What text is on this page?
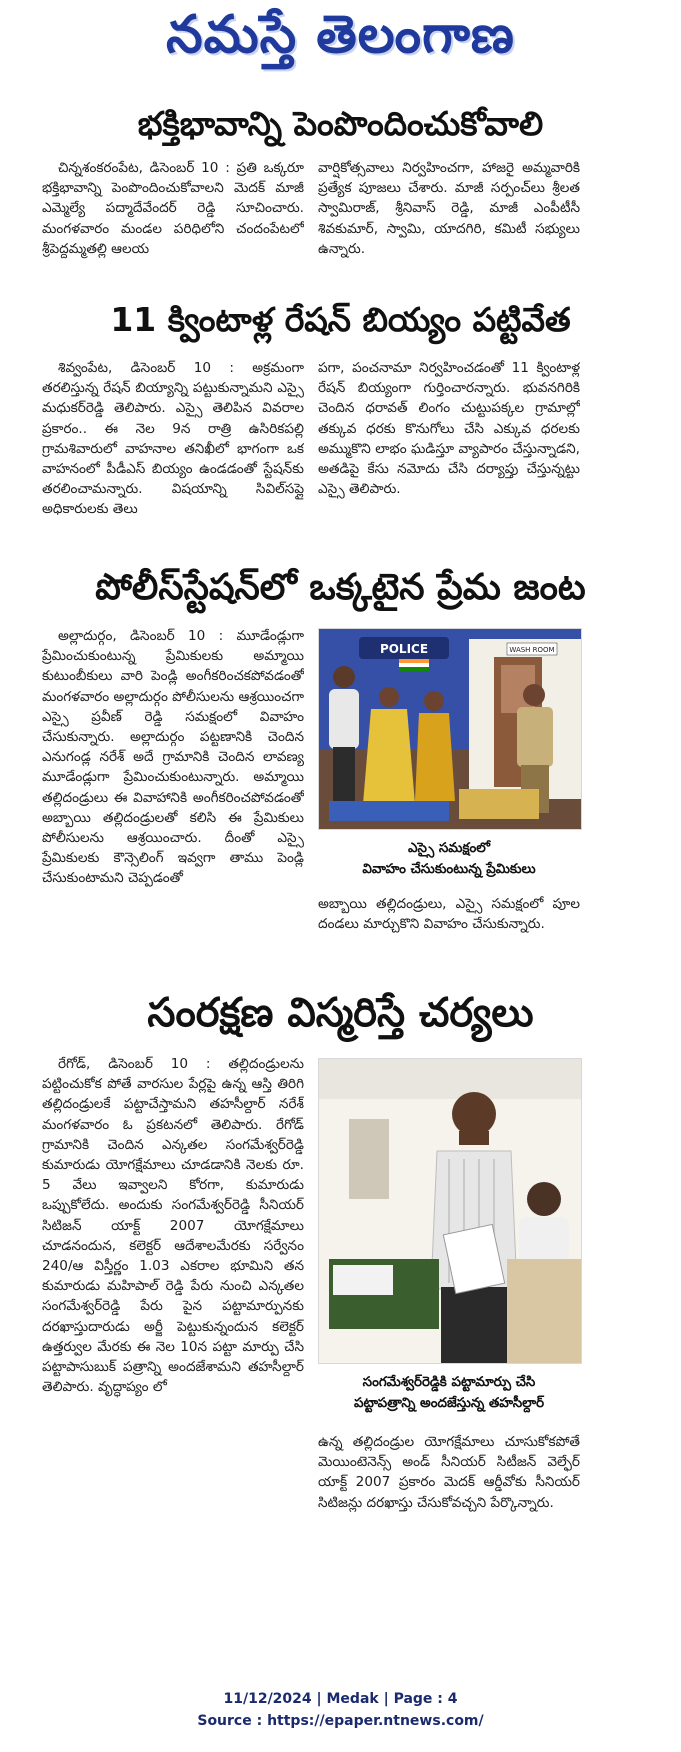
నమస్తే తెలంగాణ
భక్తిభావాన్ని పెంపొందించుకోవాలి

చిన్నశంకరంపేట, డిసెంబర్ 10 : ప్రతి ఒక్కరూ భక్తిభావాన్ని పెంపొందించుకోవాలని మెదక్ మాజీ ఎమ్మెల్యే పద్మాదేవేందర్ రెడ్డి సూచించారు. మంగళవారం మండల పరిధిలోని చందంపేటలో శ్రీపెద్దమ్మతల్లి ఆలయ

వార్షికోత్సవాలు నిర్వహించగా, హాజరై అమ్మవారికి ప్రత్యేక పూజలు చేశారు. మాజీ సర్పంచ్‌లు శ్రీలత స్వామిరాజ్, శ్రీనివాస్ రెడ్డి, మాజీ ఎంపీటీసీ శివకుమార్, స్వామి, యాదగిరి, కమిటీ సభ్యులు ఉన్నారు.

11 క్వింటాళ్ల రేషన్ బియ్యం పట్టివేత

శివ్వంపేట, డిసెంబర్ 10 : అక్రమంగా తరలిస్తున్న రేషన్ బియ్యాన్ని పట్టుకున్నామని ఎస్సై మధుకర్‌రెడ్డి తెలిపారు. ఎస్సై తెలిపిన వివరాల ప్రకారం.. ఈ నెల 9న రాత్రి ఉసిరికపల్లి గ్రామశివారులో వాహనాల తనిఖీలో భాగంగా ఒక వాహనంలో పీడీఎస్ బియ్యం ఉండడంతో స్టేషన్‌కు తరలించామన్నారు. విషయాన్ని సివిల్‌సప్లై అధికారులకు తెలు

పగా, పంచనామా నిర్వహించడంతో 11 క్వింటాళ్ల రేషన్ బియ్యంగా గుర్తించారన్నారు. భువనగిరికి చెందిన ధరావత్ లింగం చుట్టుపక్కల గ్రామాల్లో తక్కువ ధరకు కొనుగోలు చేసి ఎక్కువ ధరలకు అమ్ముకొని లాభం ఘడిస్తూ వ్యాపారం చేస్తున్నాడని, అతడిపై కేసు నమోదు చేసి దర్యాప్తు చేస్తున్నట్టు ఎస్సై తెలిపారు.

పోలీస్‌స్టేషన్‌లో ఒక్కటైన ప్రేమ జంట

అల్లాదుర్గం, డిసెంబర్ 10 : మూడేండ్లుగా ప్రేమించుకుంటున్న ప్రేమికులకు అమ్మాయి కుటుంబీకులు వారి పెండ్లి అంగీకరించకపోవడంతో మంగళవారం అల్లాదుర్గం పోలీసులను ఆశ్రయించ‌గా ఎస్సై ప్రవీణ్ రెడ్డి సమక్షంలో వివాహం చేసుకున్నారు. అల్లాదుర్గం పట్టణానికి చెందిన ఎనుగండ్ల నరేశ్ అదే గ్రామానికి చెందిన లావణ్య మూడేండ్లుగా ప్రేమించుకుంటున్నారు. అమ్మాయి తల్లిదండ్రులు ఈ వివాహానికి అంగీకరించపోవడంతో అబ్బాయి తల్లిదండ్రులతో కలిసి ఈ ప్రేమికులు పోలీసులను ఆశ్రయించారు. దీంతో ఎస్సై ప్రేమికులకు కౌన్సెలింగ్ ఇవ్వగా తాము పెండ్లి చేసుకుంటామని చెప్పడంతో

POLICE	WASH ROOM
ఎస్సై సమక్షంలో
వివాహం చేసుకుంటున్న ప్రేమికులు

అబ్బాయి తల్లిదండ్రులు, ఎస్సై సమక్షంలో పూల దండలు మార్చుకొని వివాహం చేసుకున్నారు.

సంరక్షణ విస్మరిస్తే చర్యలు

రేగోడ్, డిసెంబర్ 10 : తల్లిదండ్రులను పట్టించుకోక పోతే వారసుల పేర్లపై ఉన్న ఆస్తి తిరిగి తల్లిదండ్రులకే పట్టాచేస్తామని తహసీల్దార్ నరేశ్ మంగళవారం ఓ ప్రకటనలో తెలిపారు. రేగోడ్ గ్రామానికి చెందిన ఎన్కతల సంగమేశ్వర్‌రెడ్డి కుమారుడు యోగక్షేమాలు చూడడానికి నెలకు రూ. 5 వేలు ఇవ్వాలని కోరగా, కుమారుడు ఒప్పుకోలేదు. అందుకు సంగమేశ్వర్‌రెడ్డి సీనియర్ సిటిజన్ యాక్ట్ 2007 యోగక్షేమాలు చూడనందున, కలెక్టర్ ఆదేశాలమేరకు సర్వేనం 240/ఆ విస్తీర్ణం 1.03 ఎకరాల భూమిని తన కుమారుడు మహిపాల్ రెడ్డి పేరు నుంచి ఎన్కతల సంగమేశ్వర్‌రెడ్డి పేరు పైన పట్టామార్పునకు దరఖాస్తుదారుడు అర్జీ పెట్టుకున్నందున కలెక్టర్ ఉత్తర్వుల మేరకు ఈ నెల 10న పట్టా మార్పు చేసి పట్టాపాసుబుక్ పత్రాన్ని అందజేశామని తహసీల్దార్ తెలిపారు. వృద్ధాప్యం లో	సంగమేశ్వర్‌రెడ్డికి పట్టామార్పు చేసి
పట్టాపత్రాన్ని అందజేస్తున్న తహసీల్దార్

ఉన్న తల్లిదండ్రుల యోగక్షేమాలు చూసుకోకపోతే మెయింటెనెన్స్ అండ్ సీనియర్ సిటీజన్ వెల్ఫేర్ యాక్ట్ 2007 ప్రకారం మెదక్ ఆర్డీవోకు సీనియర్ సిటిజన్లు దరఖాస్తు చేసుకోవచ్చని పేర్కొన్నారు.

11/12/2024 | Medak | Page : 4
Source : https://epaper.ntnews.com/
